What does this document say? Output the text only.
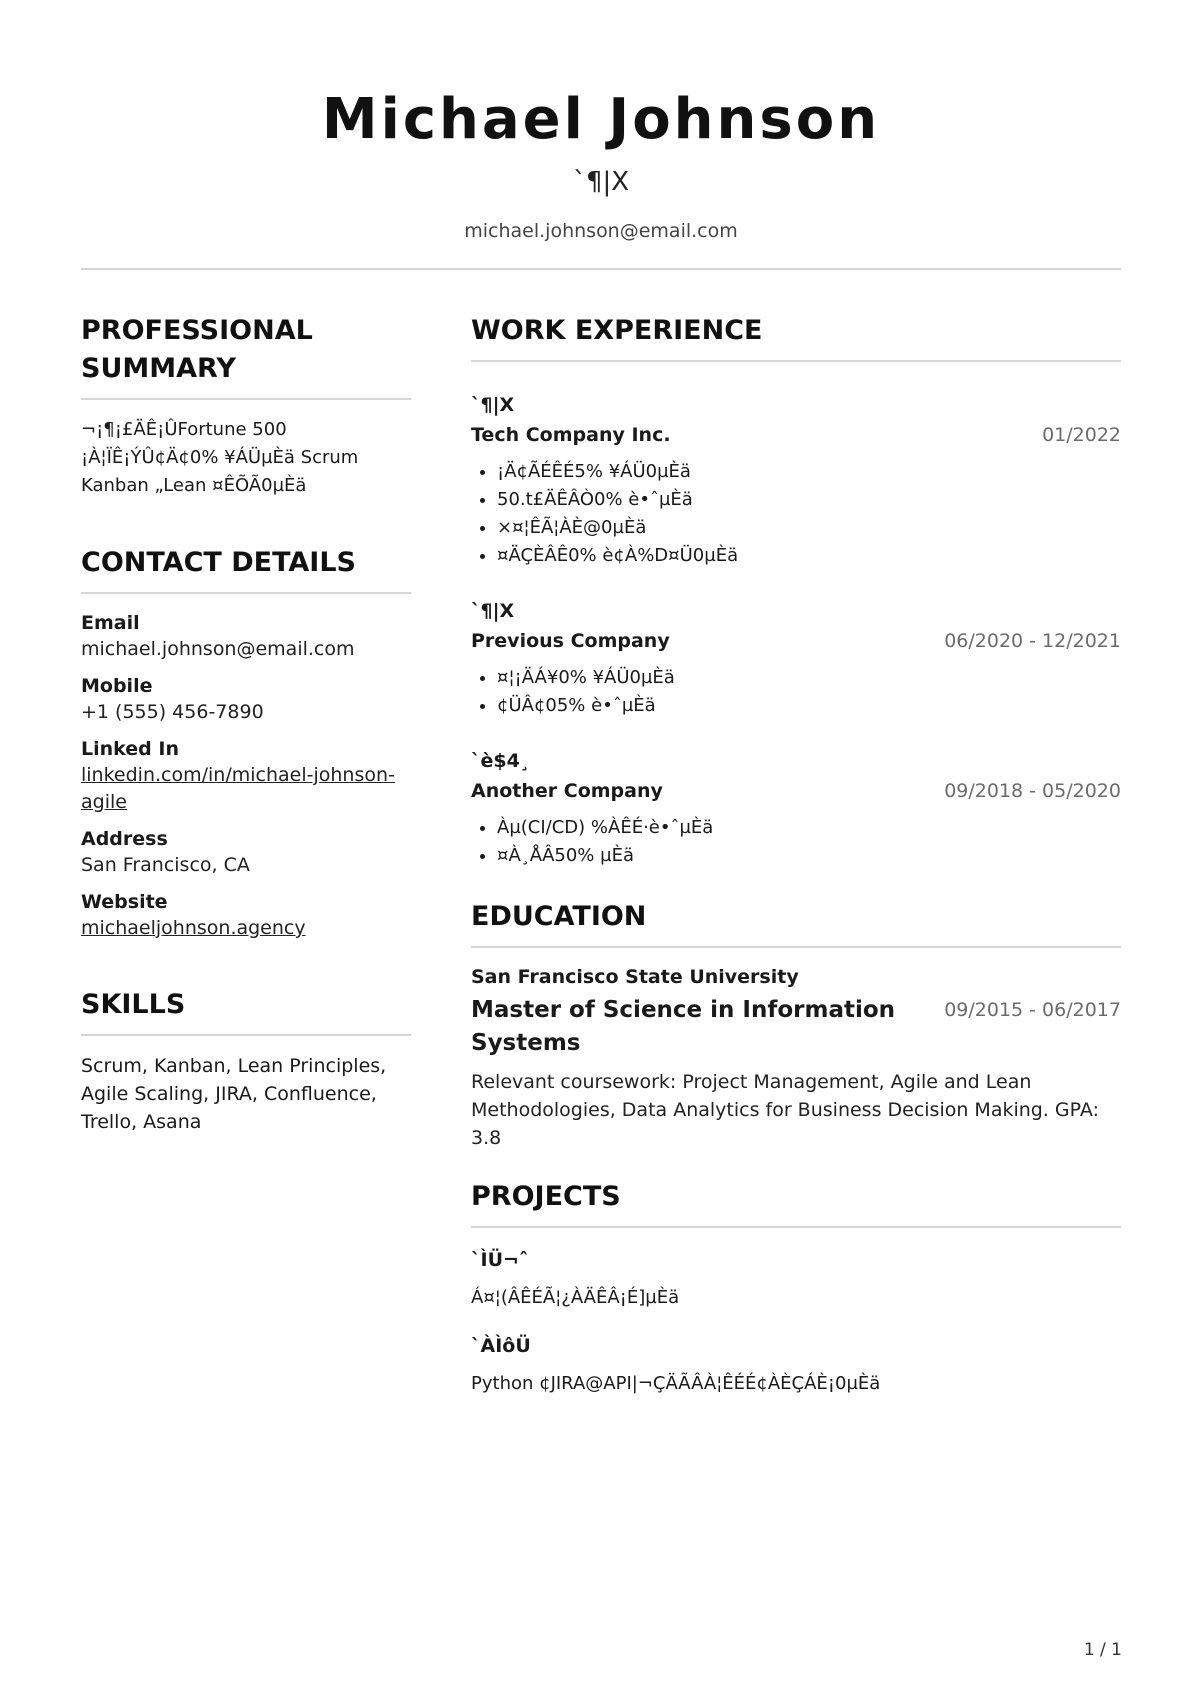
Michael Johnson
`¶|X
michael.johnson@email.com
PROFESSIONAL SUMMARY
¬¡¶¡£ÄÊ¡ÛFortune 500 ¡À¦ÏÊ¡ÝÛ¢Ä¢0% ¥ÁÜµÈä Scrum Kanban „Lean ¤ÊÕÃ0µÈä
CONTACT DETAILS
Email
michael.johnson@email.com
Mobile
+1 (555) 456-7890
Linked In
linkedin.com/in/michael-johnson-agile
Address
San Francisco, CA
Website
michaeljohnson.agency
SKILLS
Scrum, Kanban, Lean Principles, Agile Scaling, JIRA, Confluence, Trello, Asana
WORK EXPERIENCE
`¶|X
Tech Company Inc.	01/2022
• ¡Ä¢ÃÉÊÉ5% ¥ÁÜ0µÈä
• 50.t£ÄÊÂÒ0% è•ˆµÈä
• ×¤¦ÊÃ¦ÀÈ@0µÈä
• ¤ÄÇÈÂÊ0% è¢À%D¤Ü0µÈä
`¶|X
Previous Company	06/2020 - 12/2021
• ¤¦¡ÄÁ¥0% ¥ÁÜ0µÈä
• ¢ÜÂ¢05% è•ˆµÈä
`è$4¸
Another Company	09/2018 - 05/2020
• Àµ(CI/CD) %ÀÊÉ·è•ˆµÈä
• ¤À¸ÅÂ50% µÈä
EDUCATION
San Francisco State University
Master of Science in Information Systems
09/2015 - 06/2017
Relevant coursework: Project Management, Agile and Lean Methodologies, Data Analytics for Business Decision Making. GPA: 3.8
PROJECTS
`ÌÜ¬ˆ
Á¤¦(ÂÊÉÃ¦¿ÀÄÊÂ¡É]µÈä
`ÀÌôÜ
Python ¢JIRA@API|¬ÇÄÃÂÀ¦ÊÉÉ¢ÀÈÇÁÈ¡0µÈä
1 / 1
